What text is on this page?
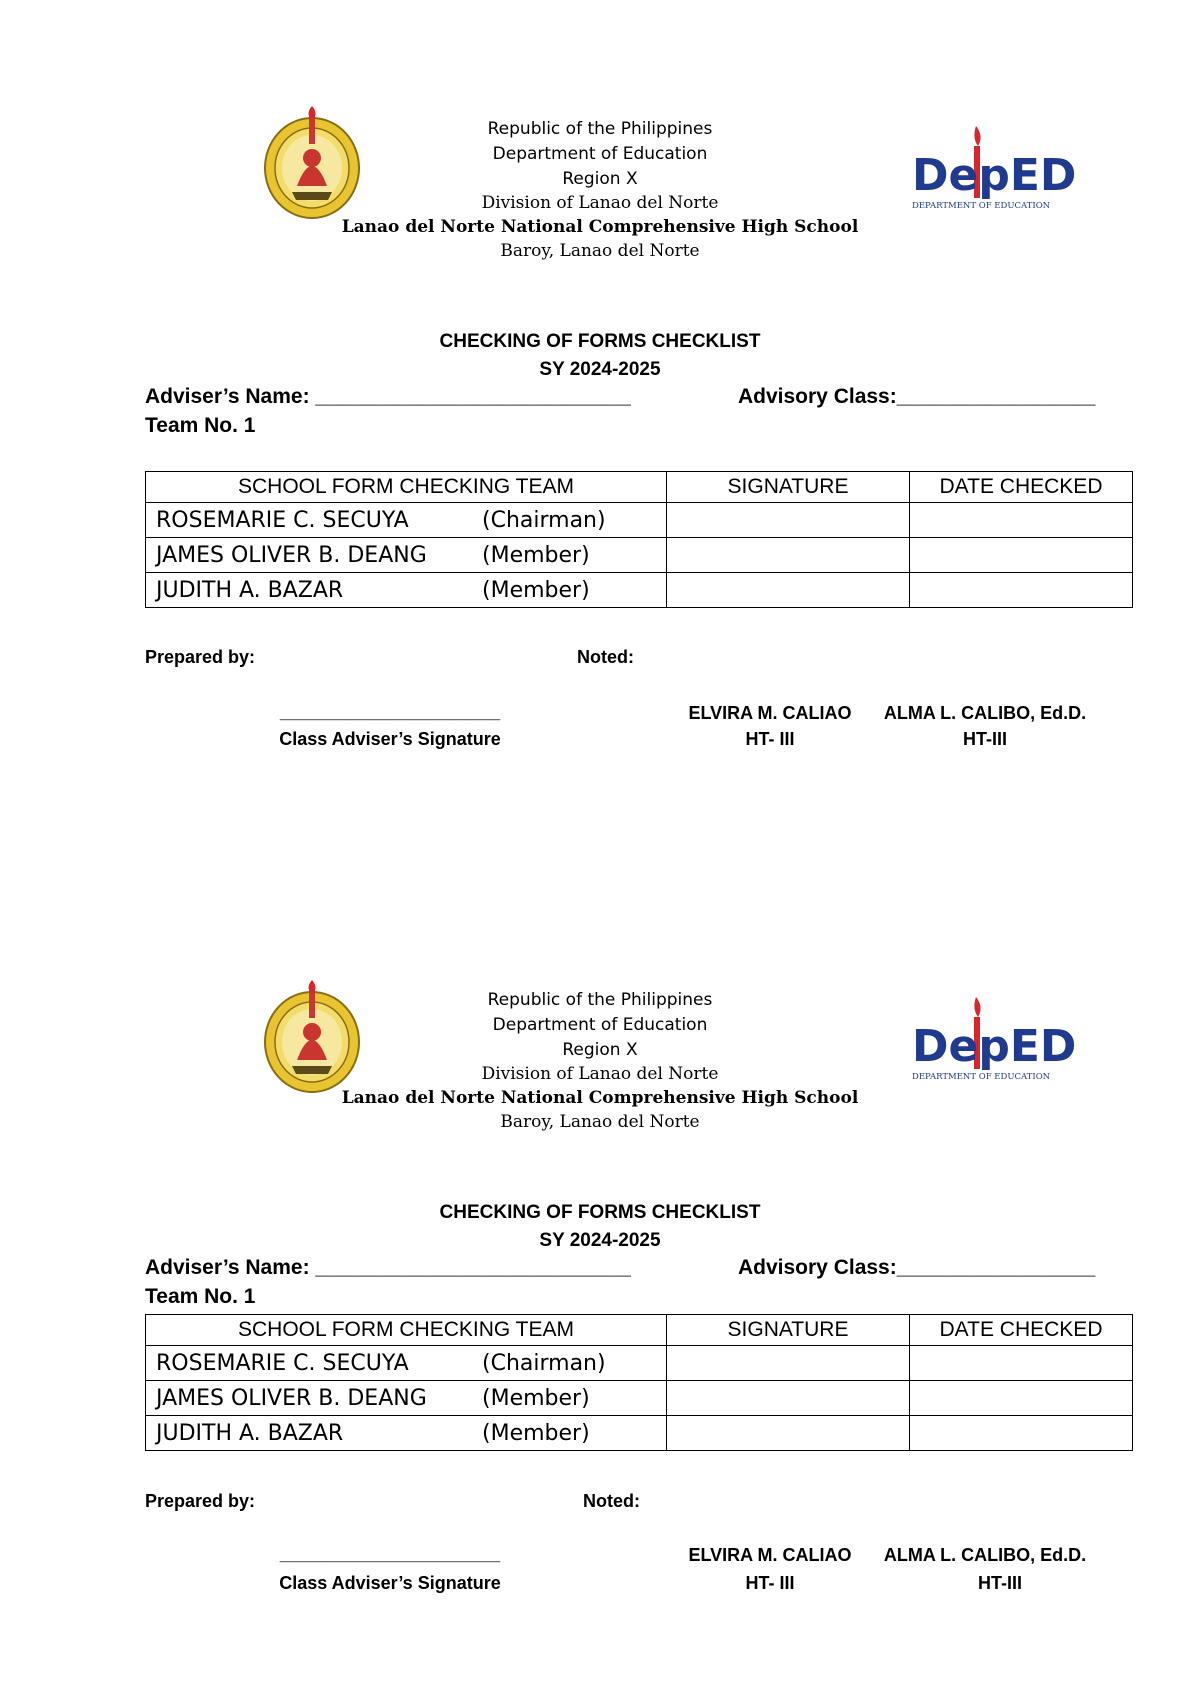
Republic of the Philippines
Department of Education
Region X
Division of Lanao del Norte
Lanao del Norte National Comprehensive High School
Baroy, Lanao del Norte
DepED
DEPARTMENT OF EDUCATION
CHECKING OF FORMS CHECKLIST
SY 2024-2025
Adviser’s Name: ___________________________	Advisory Class:_________________
Team No. 1
SCHOOL FORM CHECKING TEAM	SIGNATURE	DATE CHECKED
ROSEMARIE C. SECUYA (Chairman)		
JAMES OLIVER B. DEANG (Member)		
JUDITH A. BAZAR (Member)		
Prepared by:	Noted:
______________________
Class Adviser’s Signature
ELVIRA M. CALIAO
HT- III
ALMA L. CALIBO, Ed.D.
HT-III
Republic of the Philippines
Department of Education
Region X
Division of Lanao del Norte
Lanao del Norte National Comprehensive High School
Baroy, Lanao del Norte
DepED
DEPARTMENT OF EDUCATION
CHECKING OF FORMS CHECKLIST
SY 2024-2025
Adviser’s Name: ___________________________	Advisory Class:_________________
Team No. 1
SCHOOL FORM CHECKING TEAM	SIGNATURE	DATE CHECKED
ROSEMARIE C. SECUYA (Chairman)		
JAMES OLIVER B. DEANG (Member)		
JUDITH A. BAZAR (Member)		
Prepared by:	Noted:
______________________
Class Adviser’s Signature
ELVIRA M. CALIAO
HT- III
ALMA L. CALIBO, Ed.D.
HT-III
